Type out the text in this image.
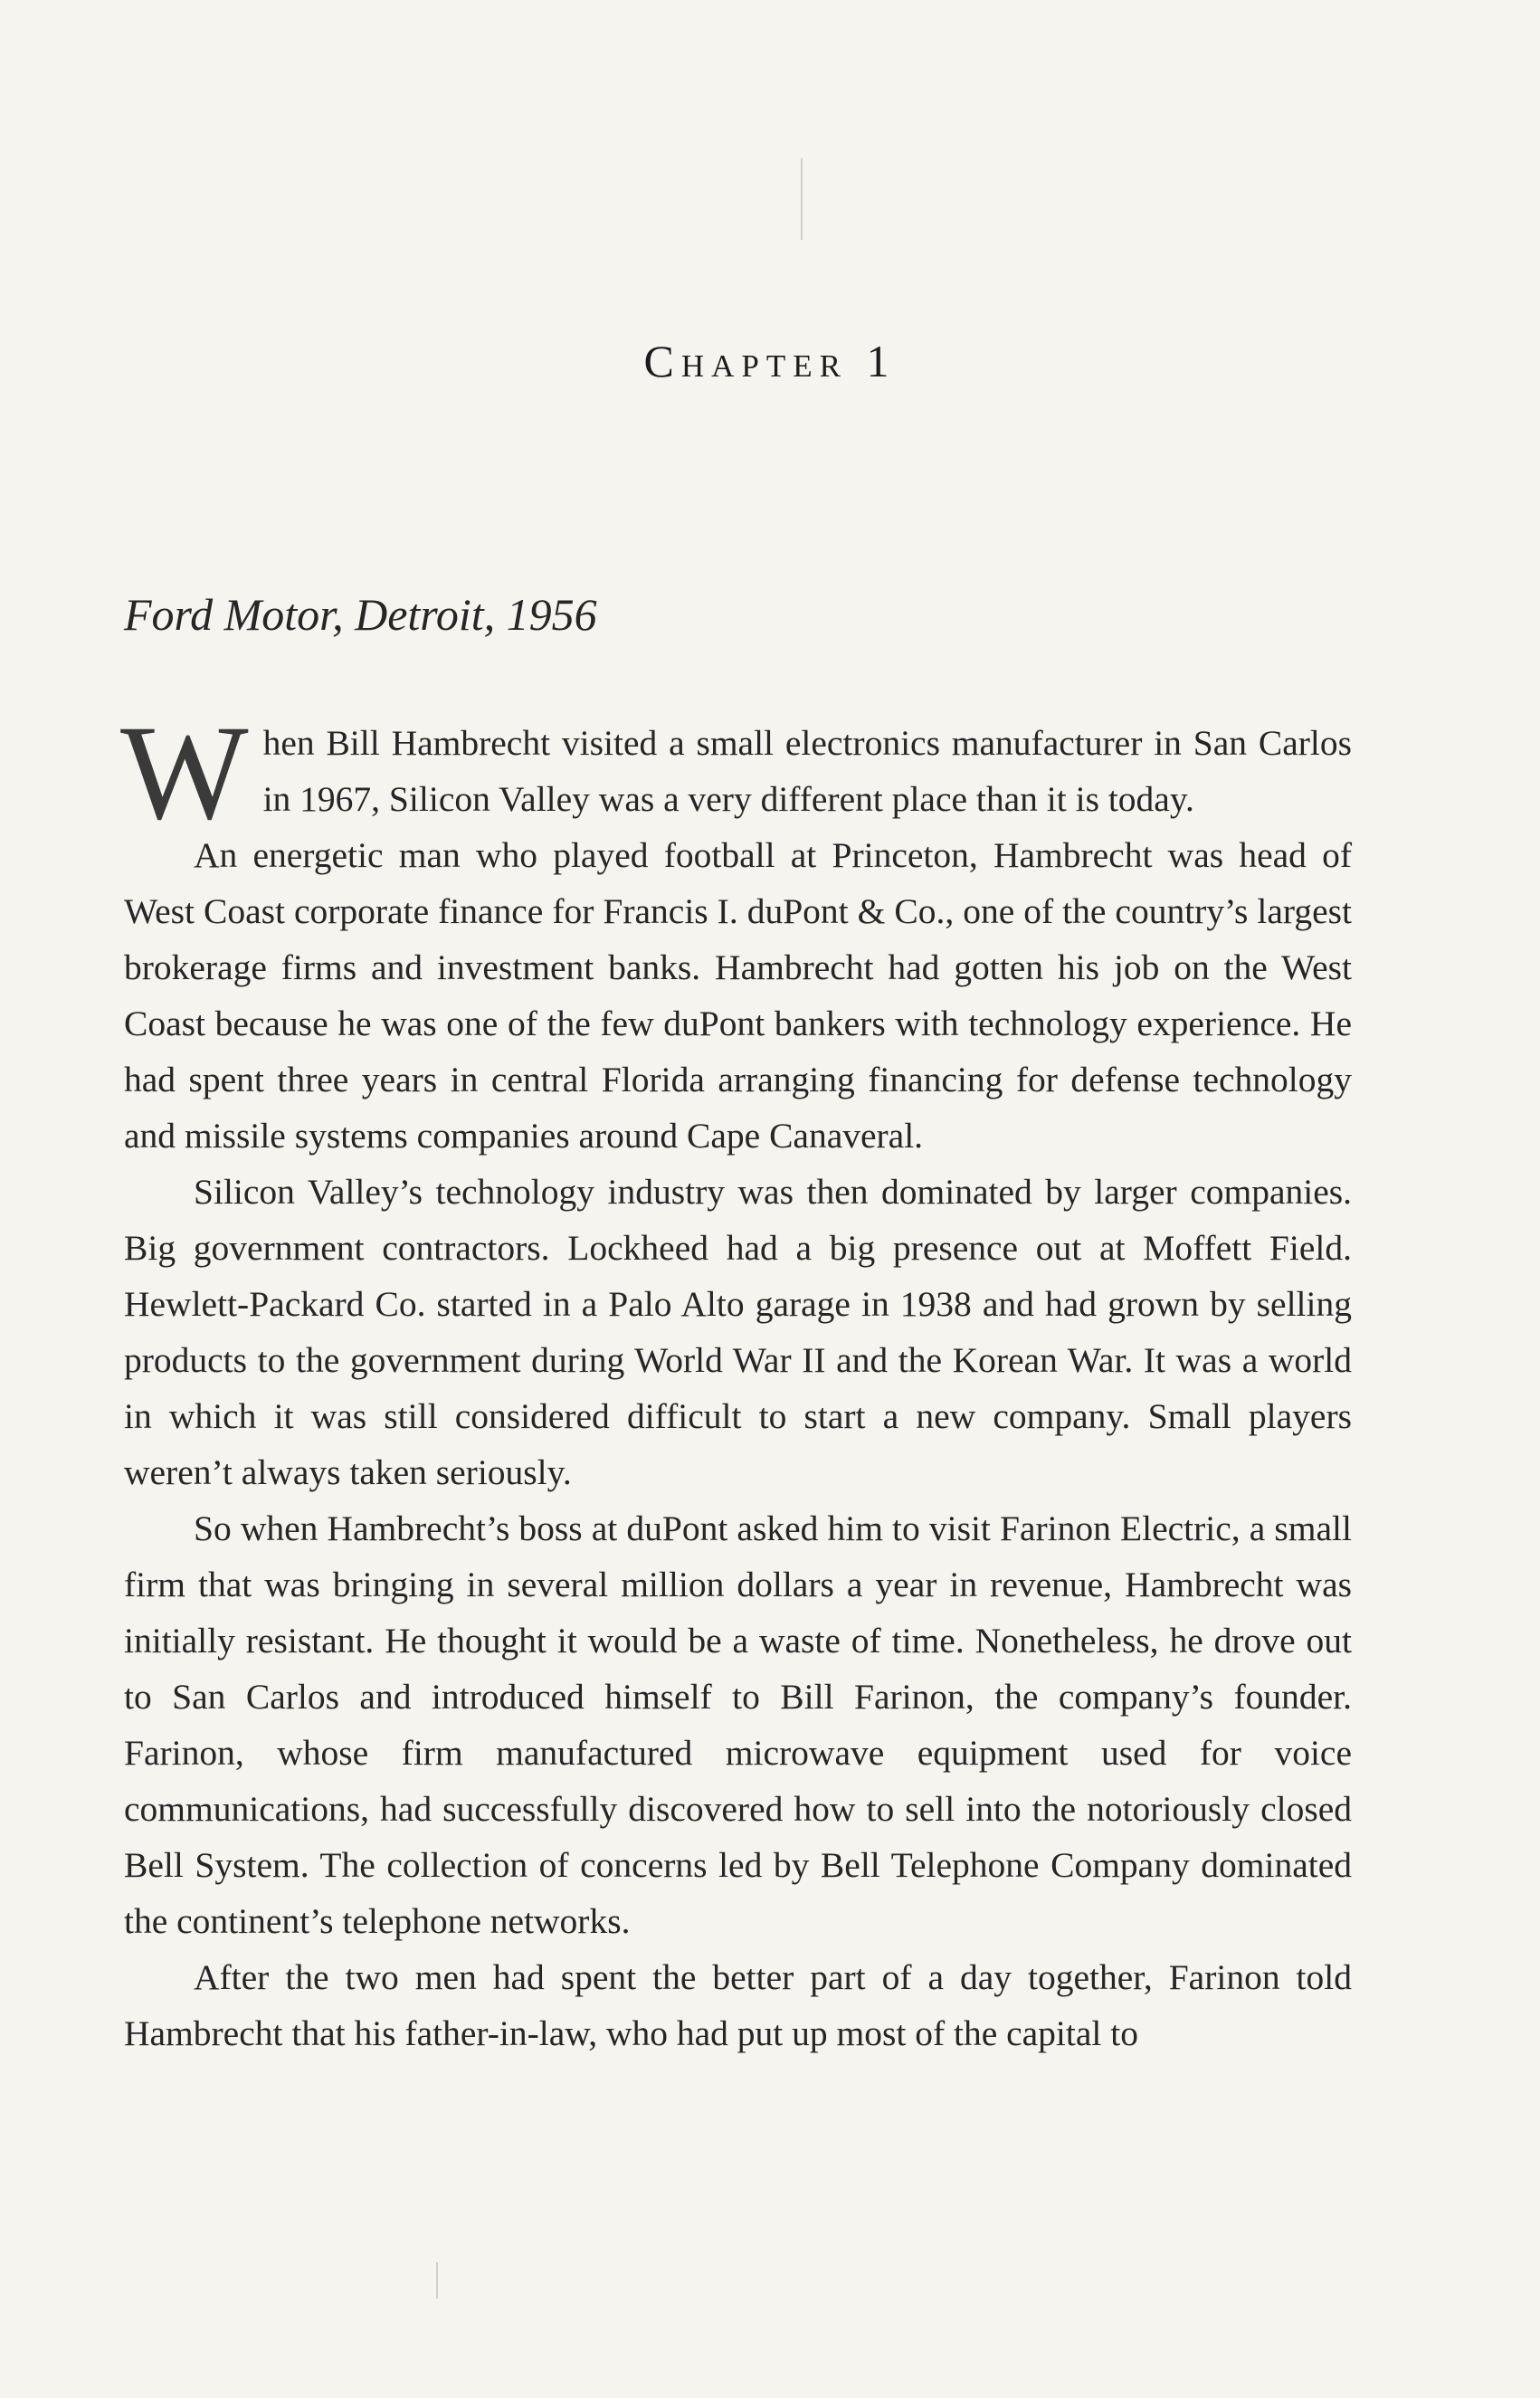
Chapter 1
Ford Motor, Detroit, 1956

When Bill Hambrecht visited a small electronics manufacturer in San Carlos in 1967, Silicon Valley was a very different place than it is today.

An energetic man who played football at Princeton, Hambrecht was head of West Coast corporate finance for Francis I. duPont & Co., one of the country’s largest brokerage firms and investment banks. Hambrecht had gotten his job on the West Coast because he was one of the few duPont bankers with technology experience. He had spent three years in central Florida arranging financing for defense technology and missile systems companies around Cape Canaveral.

Silicon Valley’s technology industry was then dominated by larger companies. Big government contractors. Lockheed had a big presence out at Moffett Field. Hewlett-Packard Co. started in a Palo Alto garage in 1938 and had grown by selling products to the government during World War II and the Korean War. It was a world in which it was still considered difficult to start a new company. Small players weren’t always taken seriously.

So when Hambrecht’s boss at duPont asked him to visit Farinon Electric, a small firm that was bringing in several million dollars a year in revenue, Hambrecht was initially resistant. He thought it would be a waste of time. Nonetheless, he drove out to San Carlos and introduced himself to Bill Farinon, the company’s founder. Farinon, whose firm manufactured microwave equipment used for voice communications, had successfully discovered how to sell into the notoriously closed Bell System. The collection of concerns led by Bell Telephone Company dominated the continent’s telephone networks.

After the two men had spent the better part of a day together, Farinon told Hambrecht that his father-in-law, who had put up most of the capital to
